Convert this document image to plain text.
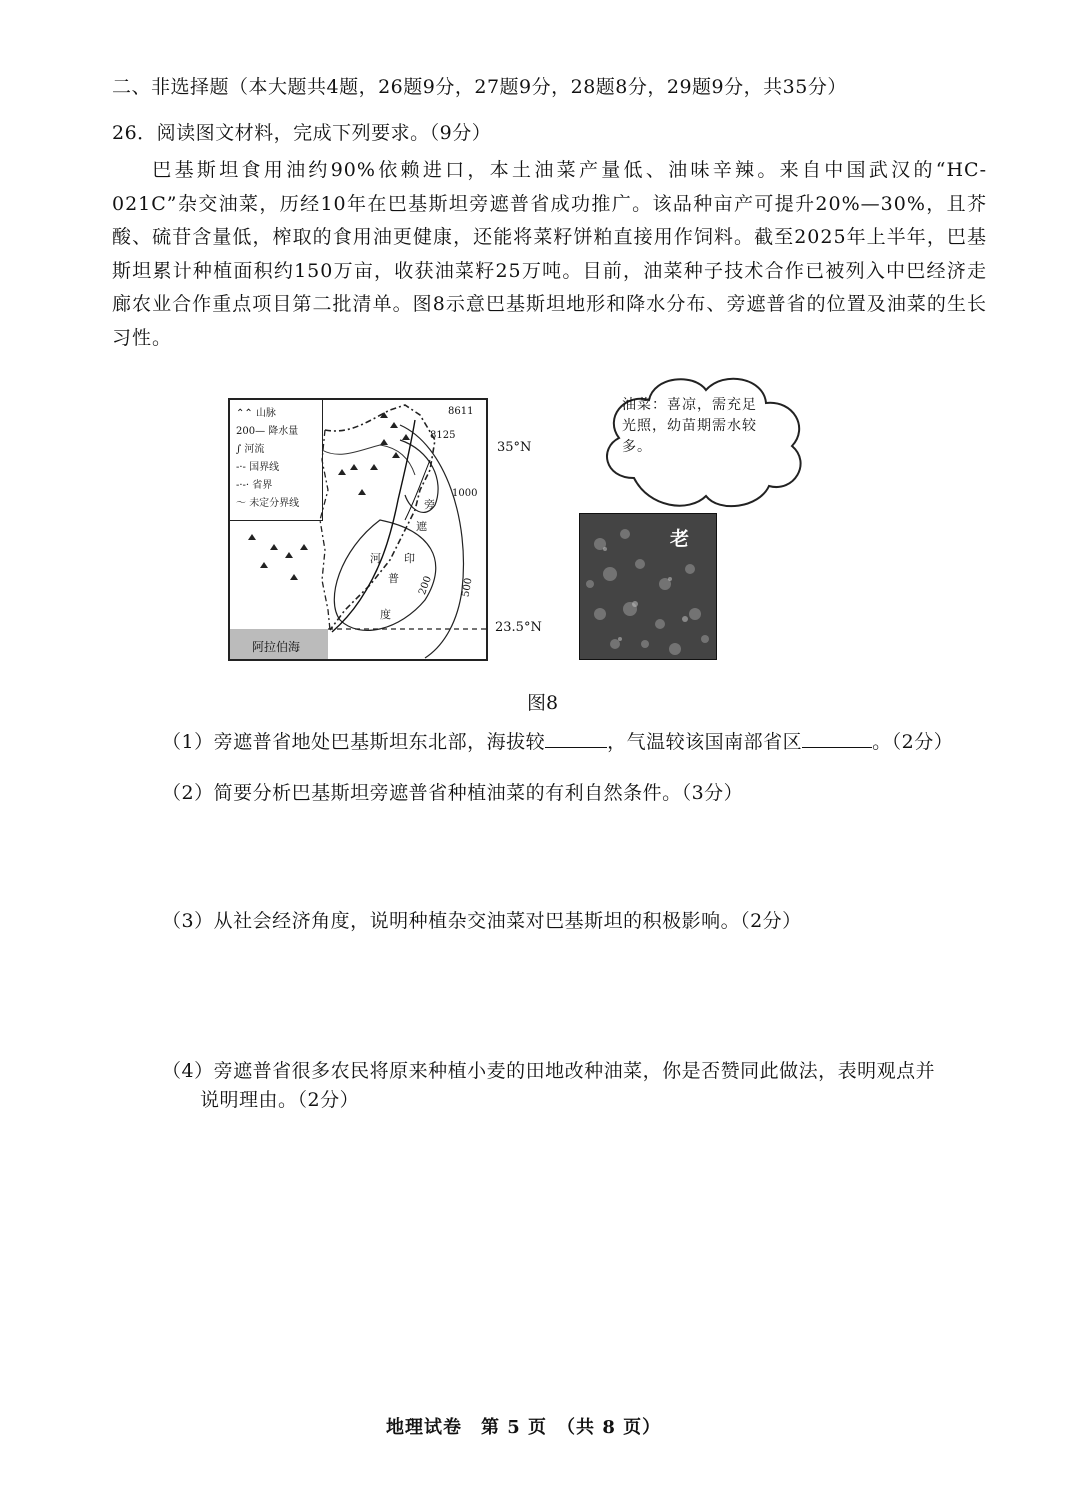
二、非选择题（本大题共4题，26题9分，27题9分，28题8分，29题9分，共35分）
26．阅读图文材料，完成下列要求。（9分）
巴基斯坦食用油约90%依赖进口，本土油菜产量低、油味辛辣。来自中国武汉的“HC-021C”杂交油菜，历经10年在巴基斯坦旁遮普省成功推广。该品种亩产可提升20%—30%，且芥酸、硫苷含量低，榨取的食用油更健康，还能将菜籽饼粕直接用作饲料。截至2025年上半年，巴基斯坦累计种植面积约150万亩，收获油菜籽25万吨。目前，油菜种子技术合作已被列入中巴经济走廊农业合作重点项目第二批清单。图8示意巴基斯坦地形和降水分布、旁遮普省的位置及油菜的生长习性。
⌃⌃ 山脉
200— 降水量
∫ 河流
-·- 国界线
-·-· 省界
〜 未定分界线
8611
8125
1000
500
200
旁
遮
普
河 印
度
阿拉伯海
35°N
23.5°N
油菜：喜凉，需充足光照，幼苗期需水较多。
老
图8
（1）旁遮普省地处巴基斯坦东北部，海拔较	，气温较该国南部省区	。（2分）
（2）简要分析巴基斯坦旁遮普省种植油菜的有利自然条件。（3分）
（3）从社会经济角度，说明种植杂交油菜对巴基斯坦的积极影响。（2分）
（4）旁遮普省很多农民将原来种植小麦的田地改种油菜，你是否赞同此做法，表明观点并
说明理由。（2分）
地理试卷　第 5 页　（共 8 页）
